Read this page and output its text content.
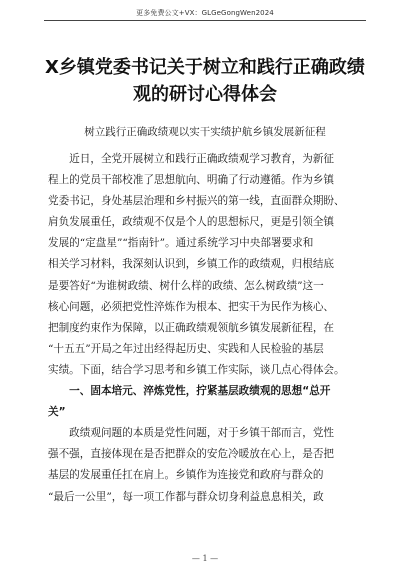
更多免费公文+VX：GLGeGongWen2024
X乡镇党委书记关于树立和践行正确政绩
观的研讨心得体会
树立践行正确政绩观以实干实绩护航乡镇发展新征程
　　近日，全党开展树立和践行正确政绩观学习教育，为新征
程上的党员干部校准了思想航向、明确了行动遵循。作为乡镇
党委书记，身处基层治理和乡村振兴的第一线，直面群众期盼、
肩负发展重任，政绩观不仅是个人的思想标尺，更是引领全镇
发展的“定盘星”“指南针”。通过系统学习中央部署要求和
相关学习材料，我深刻认识到，乡镇工作的政绩观，归根结底
是要答好“为谁树政绩、树什么样的政绩、怎么树政绩”这一
核心问题，必须把党性淬炼作为根本、把实干为民作为核心、
把制度约束作为保障，以正确政绩观领航乡镇发展新征程，在
“十五五”开局之年过出经得起历史、实践和人民检验的基层
实绩。下面，结合学习思考和乡镇工作实际，谈几点心得体会。
　　一、固本培元、淬炼党性，拧紧基层政绩观的思想“总开
关”
　　政绩观问题的本质是党性问题，对于乡镇干部而言，党性
强不强，直接体现在是否把群众的安危冷暖放在心上，是否把
基层的发展重任扛在肩上。乡镇作为连接党和政府与群众的
“最后一公里”，每一项工作都与群众切身利益息息相关，政
— 1 —
